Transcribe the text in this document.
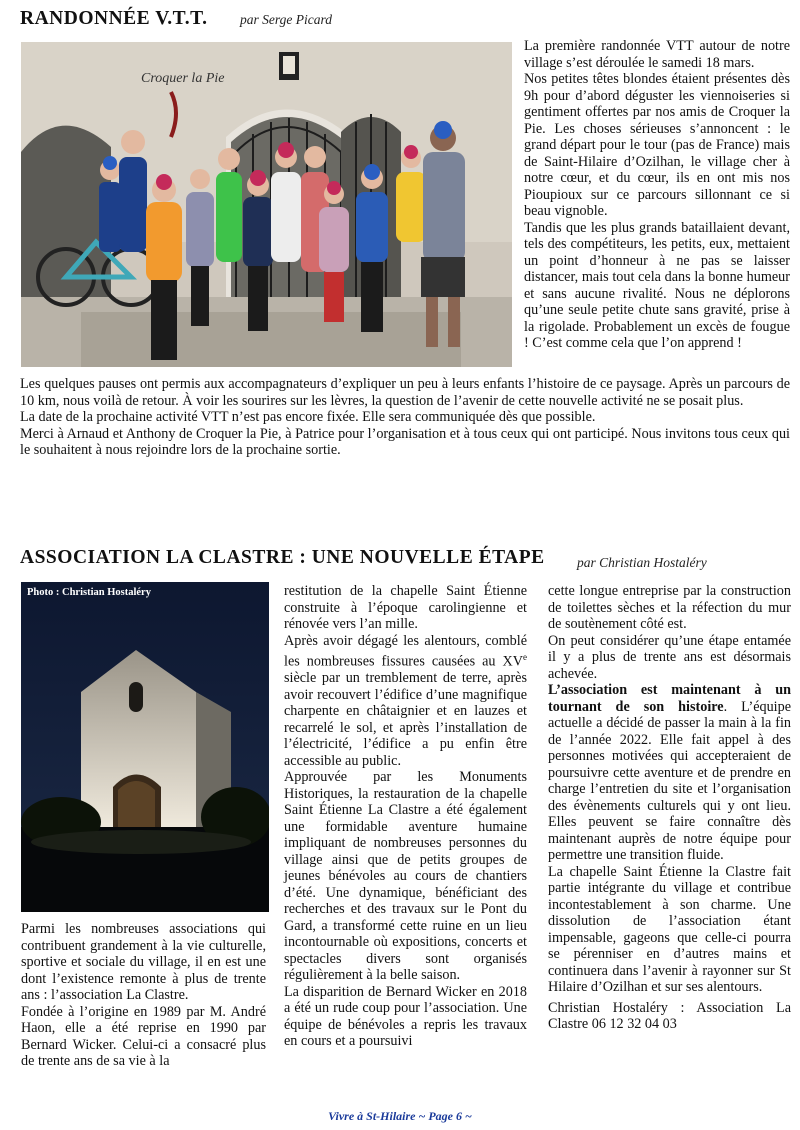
RANDONNÉE V.T.T. par Serge Picard
Croquer la Pie

La première randonnée VTT autour de notre village s’est déroulée le samedi 18 mars.

Nos petites têtes blondes étaient présentes dès 9h pour d’abord déguster les viennoiseries si gentiment offertes par nos amis de Croquer la Pie. Les choses sérieuses s’annoncent : le grand départ pour le tour (pas de France) mais de Saint-Hilaire d’Ozilhan, le village cher à notre cœur, et du cœur, ils en ont mis nos Pioupioux sur ce parcours sillonnant ce si beau vignoble.

Tandis que les plus grands bataillaient devant, tels des compétiteurs, les petits, eux, mettaient un point d’honneur à ne pas se laisser distancer, mais tout cela dans la bonne humeur et sans aucune rivalité. Nous ne déplorons qu’une seule petite chute sans gravité, prise à la rigolade. Probablement un excès de fougue ! C’est comme cela que l’on apprend !

Les quelques pauses ont permis aux accompagnateurs d’expliquer un peu à leurs enfants l’histoire de ce paysage. Après un parcours de 10 km, nous voilà de retour. À voir les sourires sur les lèvres, la question de l’avenir de cette nouvelle activité ne se posait plus.

La date de la prochaine activité VTT n’est pas encore fixée. Elle sera communiquée dès que possible.

Merci à Arnaud et Anthony de Croquer la Pie, à Patrice pour l’organisation et à tous ceux qui ont participé. Nous invitons tous ceux qui le souhaitent à nous rejoindre lors de la prochaine sortie.

ASSOCIATION LA CLASTRE : UNE NOUVELLE ÉTAPE par Christian Hostaléry
Photo : Christian Hostaléry

Parmi les nombreuses associations qui contribuent grandement à la vie culturelle, sportive et sociale du village, il en est une dont l’existence remonte à plus de trente ans : l’association La Clastre.

Fondée à l’origine en 1989 par M. André Haon, elle a été reprise en 1990 par Bernard Wicker. Celui-ci a consacré plus de trente ans de sa vie à la

restitution de la chapelle Saint Étienne construite à l’époque carolingienne et rénovée vers l’an mille.

Après avoir dégagé les alentours, comblé les nombreuses fissures causées au XVe siècle par un tremblement de terre, après avoir recouvert l’édifice d’une magnifique charpente en châtaignier et en lauzes et recarrelé le sol, et après l’installation de l’électricité, l’édifice a pu enfin être accessible au public.

Approuvée par les Monuments Historiques, la restauration de la chapelle Saint Étienne La Clastre a été également une formidable aventure humaine impliquant de nombreuses personnes du village ainsi que de petits groupes de jeunes bénévoles au cours de chantiers d’été. Une dynamique, bénéficiant des recherches et des travaux sur le Pont du Gard, a transformé cette ruine en un lieu incontournable où expositions, concerts et spectacles divers sont organisés régulièrement à la belle saison.

La disparition de Bernard Wicker en 2018 a été un rude coup pour l’association. Une équipe de bénévoles a repris les travaux en cours et a poursuivi

cette longue entreprise par la construction de toilettes sèches et la réfection du mur de soutènement côté est.

On peut considérer qu’une étape entamée il y a plus de trente ans est désormais achevée.

L’association est maintenant à un tournant de son histoire. L’équipe actuelle a décidé de passer la main à la fin de l’année 2022. Elle fait appel à des personnes motivées qui accepteraient de poursuivre cette aventure et de prendre en charge l’entretien du site et l’organisation des évènements culturels qui y ont lieu. Elles peuvent se faire connaître dès maintenant auprès de notre équipe pour permettre une transition fluide.

La chapelle Saint Étienne la Clastre fait partie intégrante du village et contribue incontestablement à son charme. Une dissolution de l’association étant impensable, gageons que celle-ci pourra se pérenniser en d’autres mains et continuera dans l’avenir à rayonner sur St Hilaire d’Ozilhan et sur ses alentours.

Christian Hostaléry : Association La Clastre 06 12 32 04 03

Vivre à St-Hilaire ~ Page 6 ~
